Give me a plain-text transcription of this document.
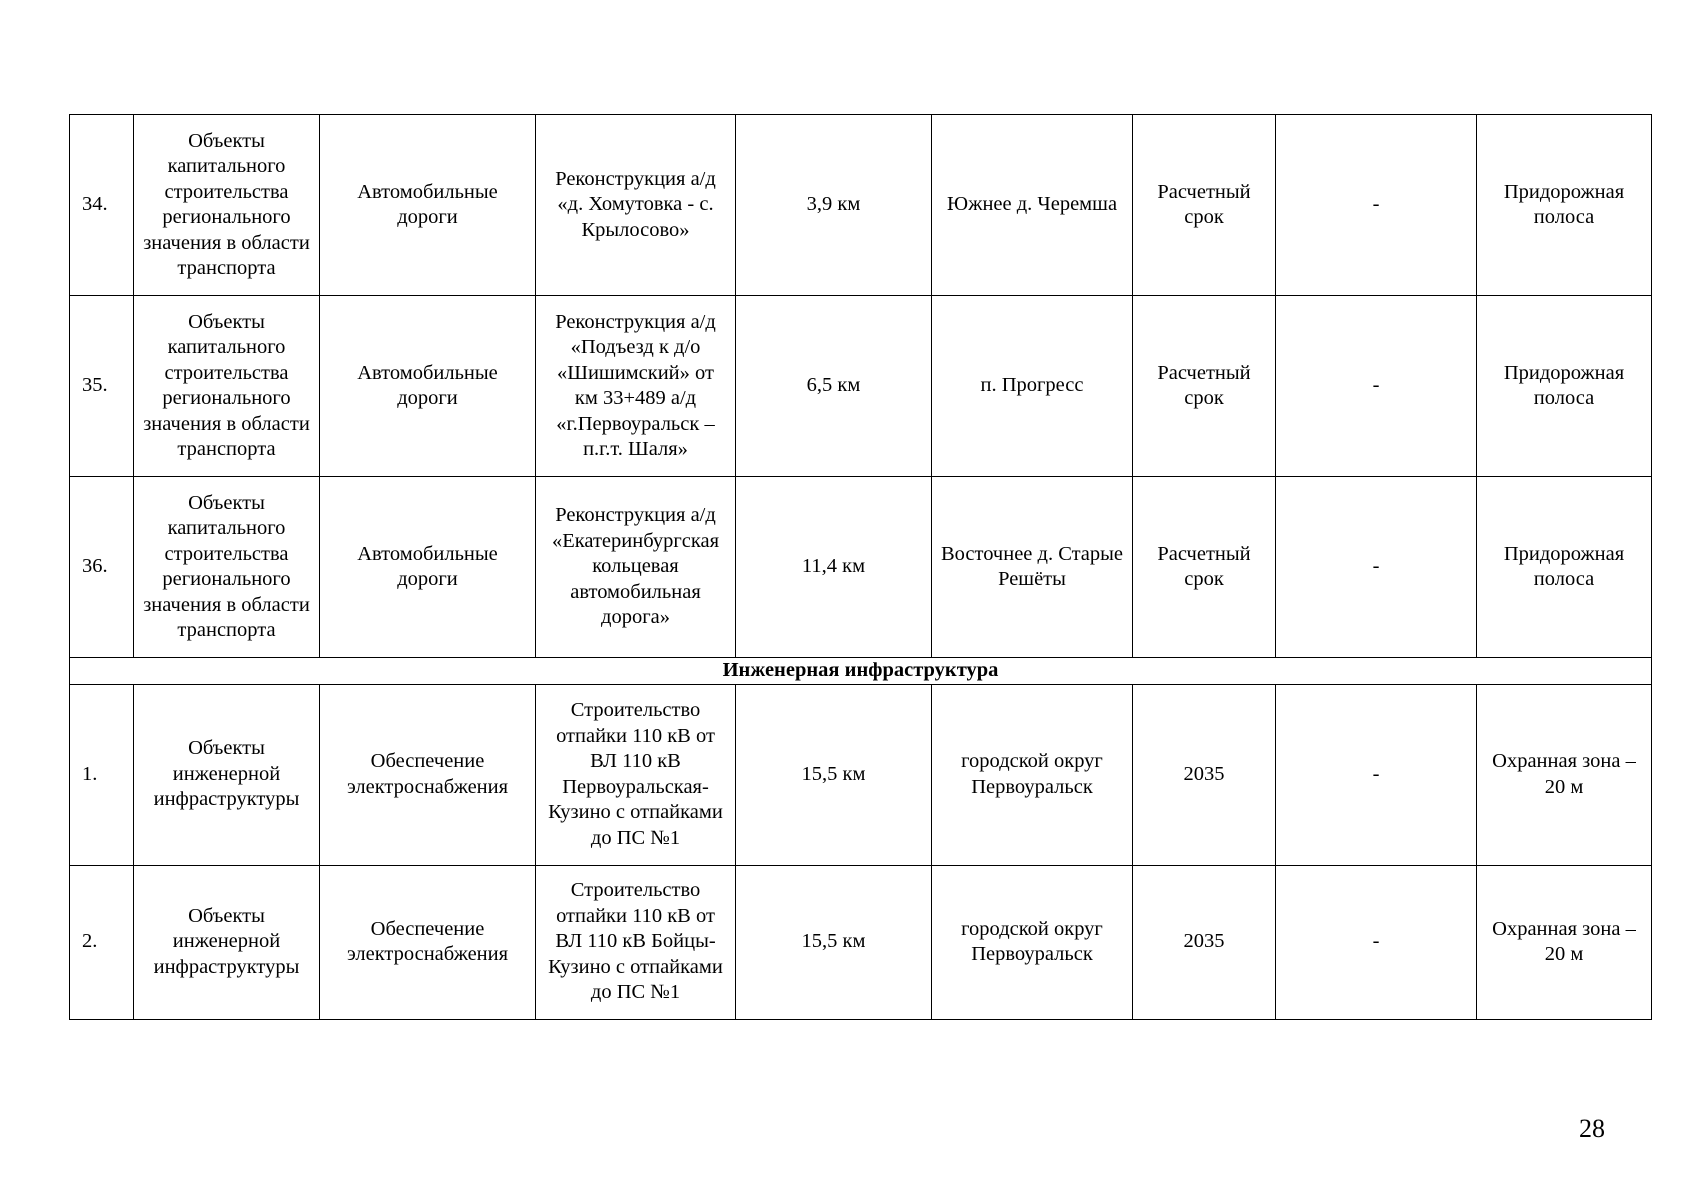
34.	Объекты капитального строительства регионального значения в области транспорта	Автомобильные дороги	Реконструкция а/д «д. Хомутовка - с. Крылосово»	3,9 км	Южнее д. Черемша	Расчетный срок	-	Придорожная полоса
35.	Объекты капитального строительства регионального значения в области транспорта	Автомобильные дороги	Реконструкция а/д «Подъезд к д/о «Шишимский» от км 33+489 а/д «г.Первоуральск – п.г.т. Шаля»	6,5 км	п. Прогресс	Расчетный срок	-	Придорожная полоса
36.	Объекты капитального строительства регионального значения в области транспорта	Автомобильные дороги	Реконструкция а/д «Екатеринбургская кольцевая автомобильная дорога»	11,4 км	Восточнее д. Старые Решёты	Расчетный срок	-	Придорожная полоса
Инженерная инфраструктура								
1.	Объекты инженерной инфраструктуры	Обеспечение электроснабжения	Строительство отпайки 110 кВ от ВЛ 110 кВ Первоуральская-Кузино с отпайками до ПС №1	15,5 км	городской округ Первоуральск	2035	-	Охранная зона – 20 м
2.	Объекты инженерной инфраструктуры	Обеспечение электроснабжения	Строительство отпайки 110 кВ от ВЛ 110 кВ Бойцы-Кузино с отпайками до ПС №1	15,5 км	городской округ Первоуральск	2035	-	Охранная зона – 20 м
28
